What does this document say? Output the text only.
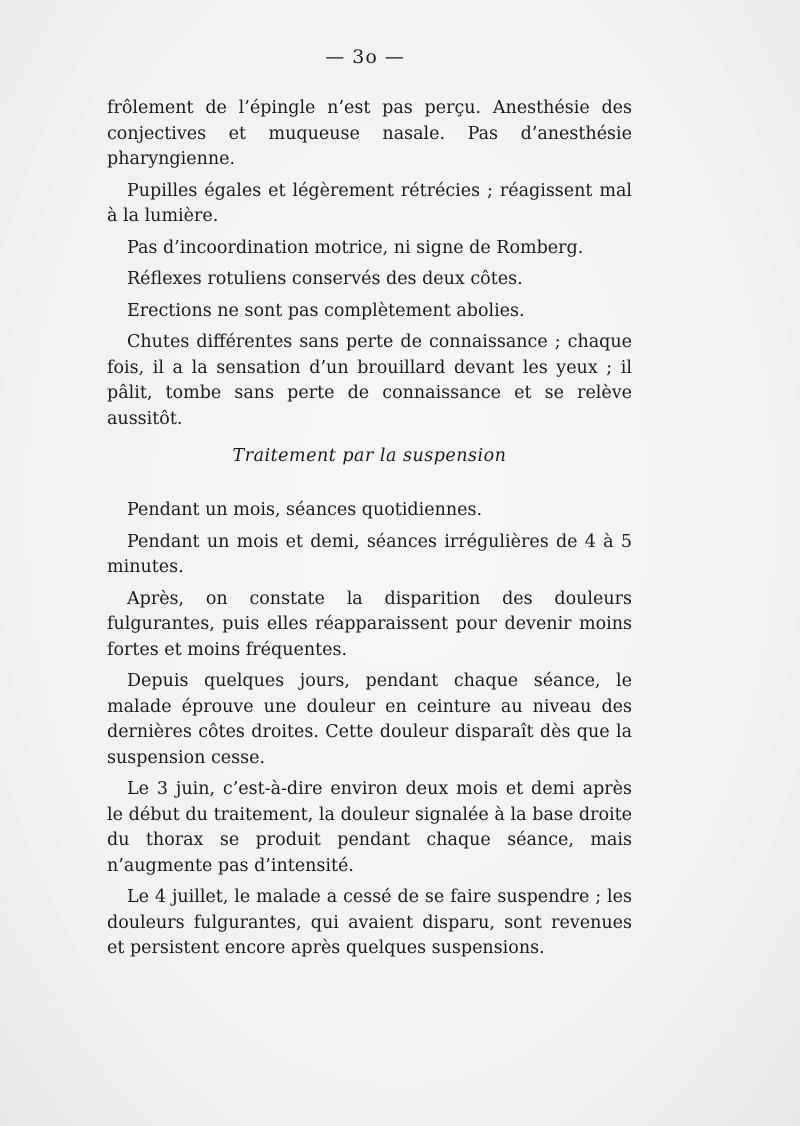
— 3o —

frôlement de l’épingle n’est pas perçu. Anesthésie des conjectives et muqueuse nasale. Pas d’anesthésie pharyngienne.

Pupilles égales et légèrement rétrécies ; réagissent mal à la lumière.

Pas d’incoordination motrice, ni signe de Romberg.

Réflexes rotuliens conservés des deux côtes.

Erections ne sont pas complètement abolies.

Chutes différentes sans perte de connaissance ; chaque fois, il a la sensation d’un brouillard devant les yeux ; il pâlit, tombe sans perte de connaissance et se relève aussitôt.

Traitement par la suspension

Pendant un mois, séances quotidiennes.

Pendant un mois et demi, séances irrégulières de 4 à 5 minutes.

Après, on constate la disparition des douleurs fulgurantes, puis elles réapparaissent pour devenir moins fortes et moins fréquentes.

Depuis quelques jours, pendant chaque séance, le malade éprouve une douleur en ceinture au niveau des dernières côtes droites. Cette douleur disparaît dès que la suspension cesse.

Le 3 juin, c’est-à-dire environ deux mois et demi après le début du traitement, la douleur signalée à la base droite du thorax se produit pendant chaque séance, mais n’augmente pas d’intensité.

Le 4 juillet, le malade a cessé de se faire suspendre ; les douleurs fulgurantes, qui avaient disparu, sont revenues et persistent encore après quelques suspensions.
